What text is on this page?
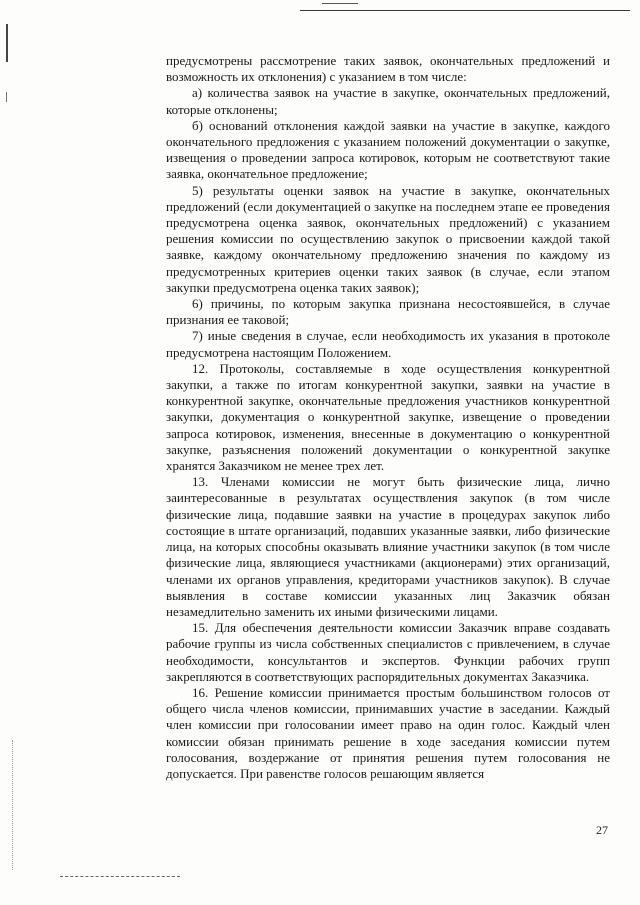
предусмотрены рассмотрение таких заявок, окончательных предложений и возможность их отклонения) с указанием в том числе:

а) количества заявок на участие в закупке, окончательных предложений, которые отклонены;

б) оснований отклонения каждой заявки на участие в закупке, каждого окончательного предложения с указанием положений документации о закупке, извещения о проведении запроса котировок, которым не соответствуют такие заявка, окончательное предложение;

5) результаты оценки заявок на участие в закупке, окончательных предложений (если документацией о закупке на последнем этапе ее проведения предусмотрена оценка заявок, окончательных предложений) с указанием решения комиссии по осуществлению закупок о присвоении каждой такой заявке, каждому окончательному предложению значения по каждому из предусмотренных критериев оценки таких заявок (в случае, если этапом закупки предусмотрена оценка таких заявок);

6) причины, по которым закупка признана несостоявшейся, в случае признания ее таковой;

7) иные сведения в случае, если необходимость их указания в протоколе предусмотрена настоящим Положением.

12. Протоколы, составляемые в ходе осуществления конкурентной закупки, а также по итогам конкурентной закупки, заявки на участие в конкурентной закупке, окончательные предложения участников конкурентной закупки, документация о конкурентной закупке, извещение о проведении запроса котировок, изменения, внесенные в документацию о конкурентной закупке, разъяснения положений документации о конкурентной закупке хранятся Заказчиком не менее трех лет.

13. Членами комиссии не могут быть физические лица, лично заинтересованные в результатах осуществления закупок (в том числе физические лица, подавшие заявки на участие в процедурах закупок либо состоящие в штате организаций, подавших указанные заявки, либо физические лица, на которых способны оказывать влияние участники закупок (в том числе физические лица, являющиеся участниками (акционерами) этих организаций, членами их органов управления, кредиторами участников закупок). В случае выявления в составе комиссии указанных лиц Заказчик обязан незамедлительно заменить их иными физическими лицами.

15. Для обеспечения деятельности комиссии Заказчик вправе создавать рабочие группы из числа собственных специалистов с привлечением, в случае необходимости, консультантов и экспертов. Функции рабочих групп закрепляются в соответствующих распорядительных документах Заказчика.

16. Решение комиссии принимается простым большинством голосов от общего числа членов комиссии, принимавших участие в заседании. Каждый член комиссии при голосовании имеет право на один голос. Каждый член комиссии обязан принимать решение в ходе заседания комиссии путем голосования, воздержание от принятия решения путем голосования не допускается. При равенстве голосов решающим является

27
